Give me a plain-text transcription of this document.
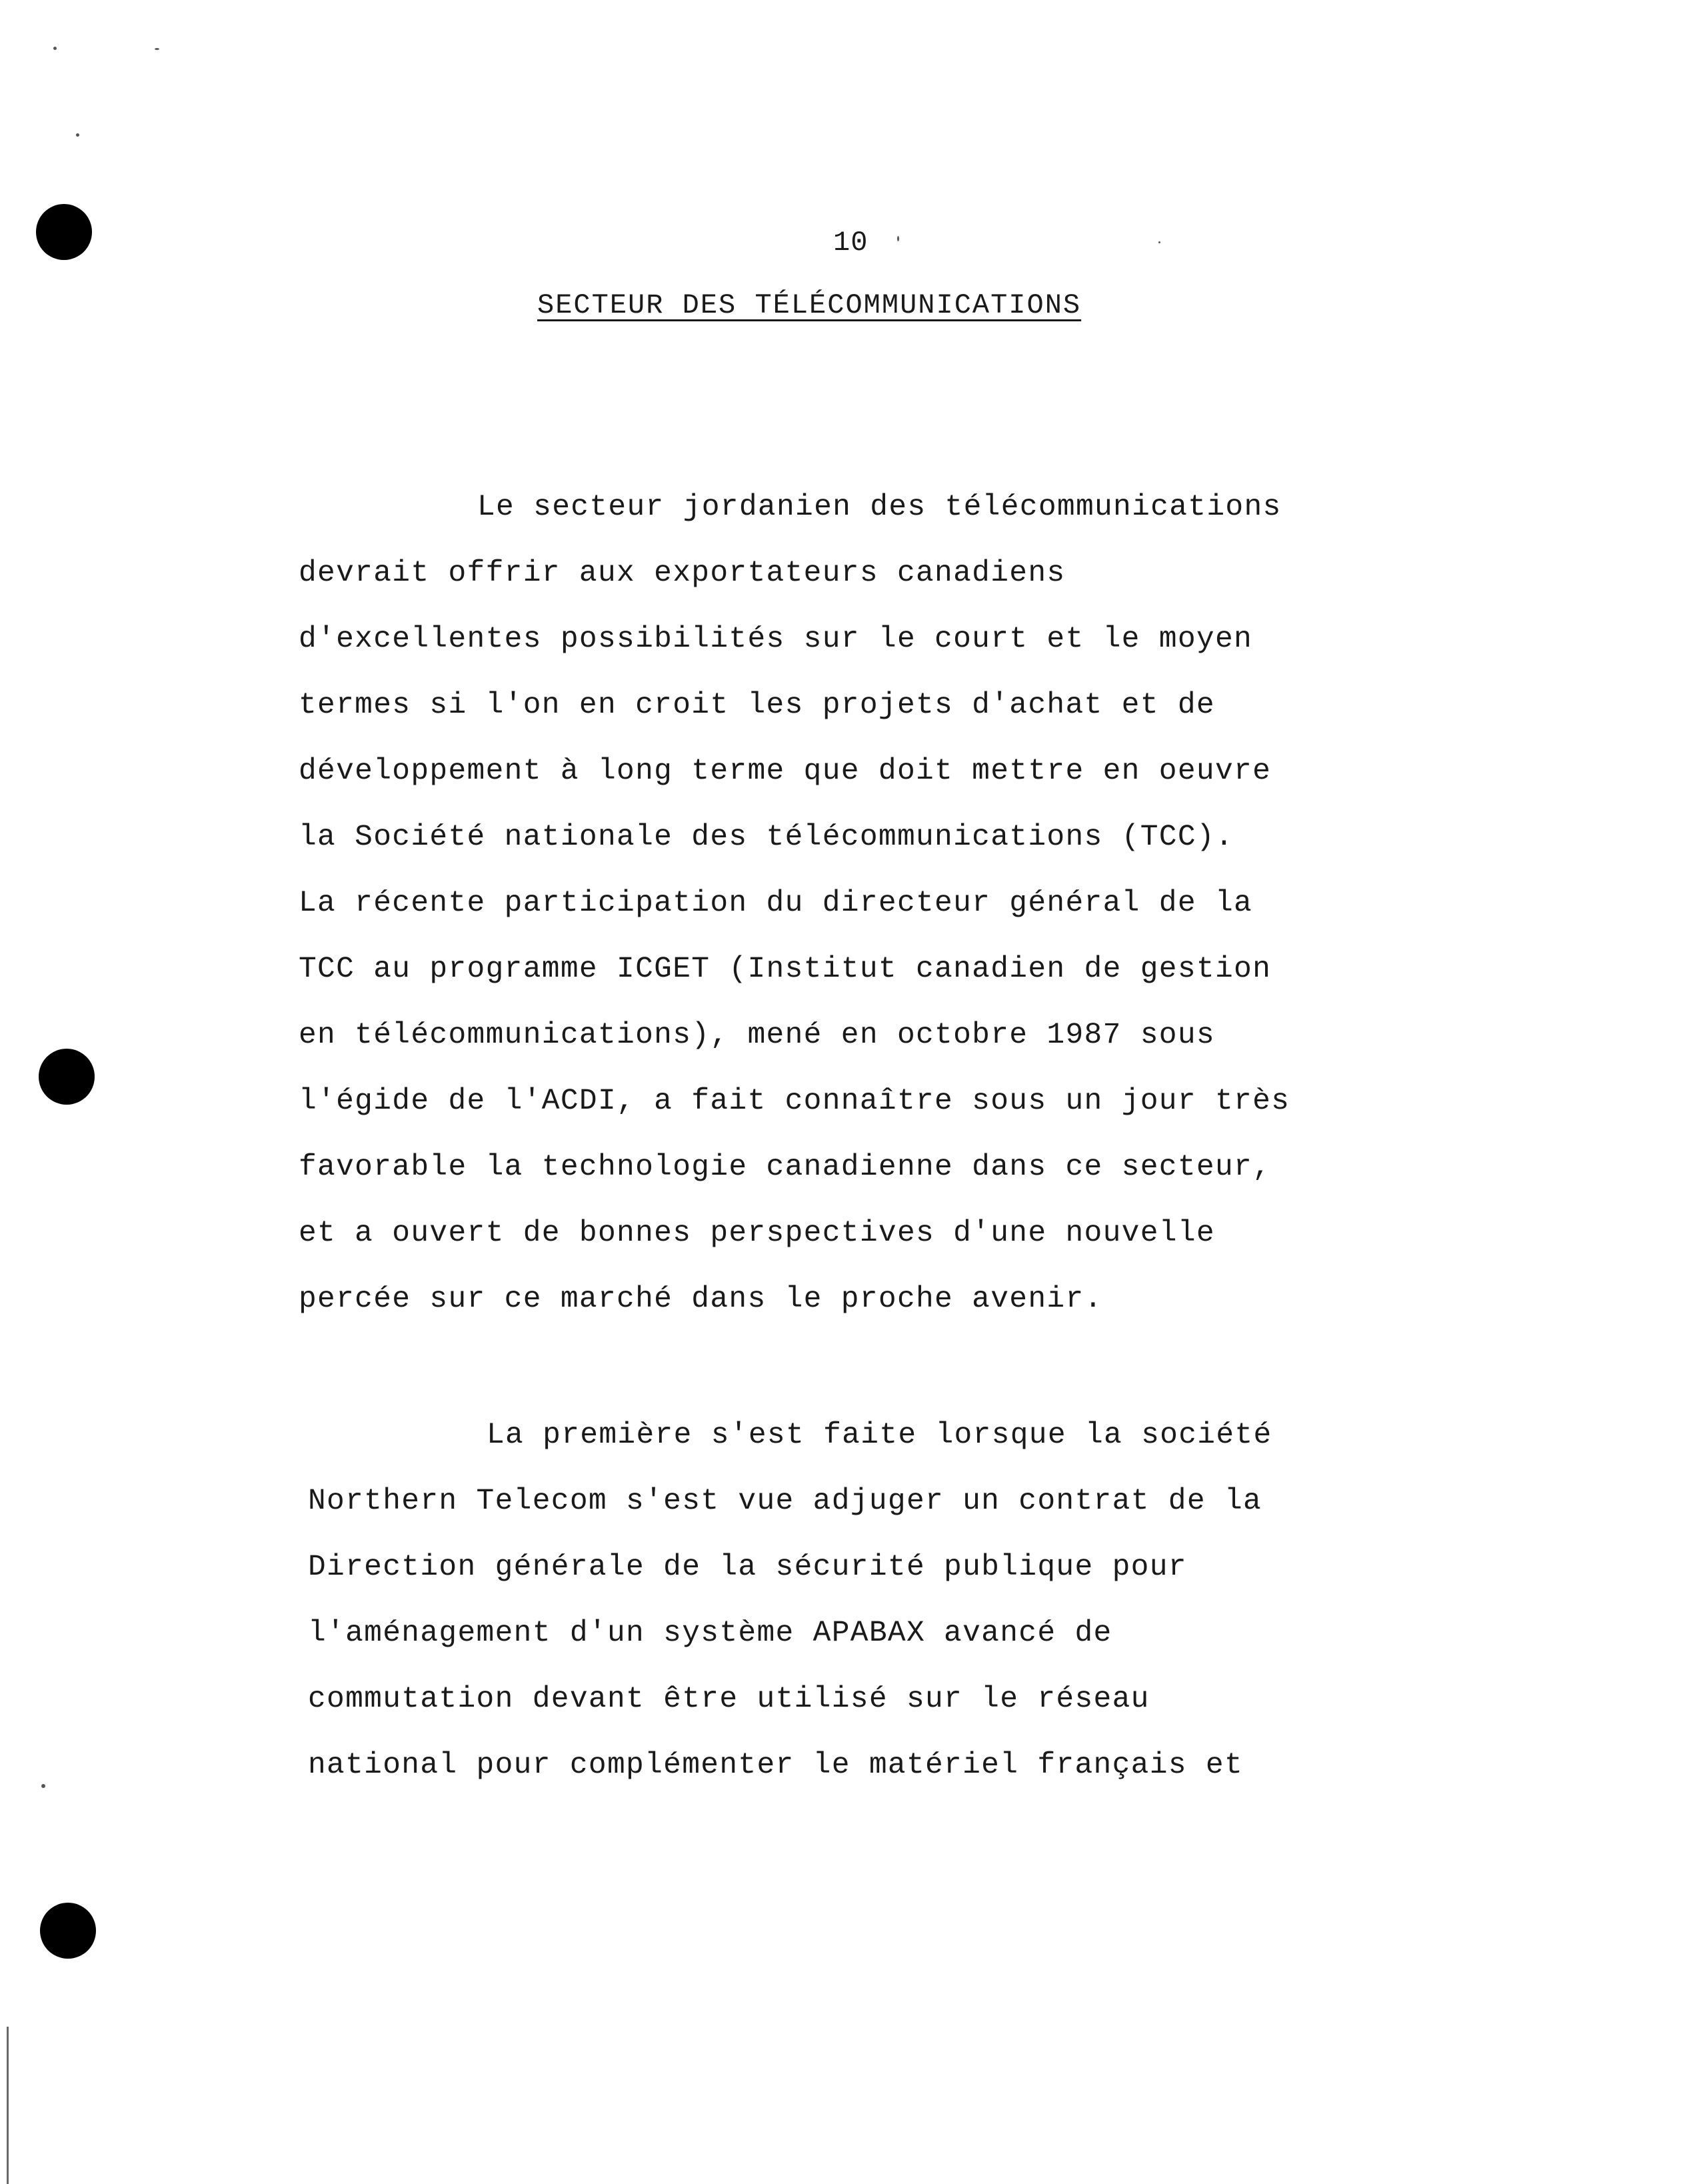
10
SECTEUR DES TÉLÉCOMMUNICATIONS
Le secteur jordanien des télécommunications
devrait offrir aux exportateurs canadiens
d'excellentes possibilités sur le court et le moyen
termes si l'on en croit les projets d'achat et de
développement à long terme que doit mettre en oeuvre
la Société nationale des télécommunications (TCC).
La récente participation du directeur général de la
TCC au programme ICGET (Institut canadien de gestion
en télécommunications), mené en octobre 1987 sous
l'égide de l'ACDI, a fait connaître sous un jour très
favorable la technologie canadienne dans ce secteur,
et a ouvert de bonnes perspectives d'une nouvelle
percée sur ce marché dans le proche avenir.
La première s'est faite lorsque la société
Northern Telecom s'est vue adjuger un contrat de la
Direction générale de la sécurité publique pour
l'aménagement d'un système APABAX avancé de
commutation devant être utilisé sur le réseau
national pour complémenter le matériel français et
